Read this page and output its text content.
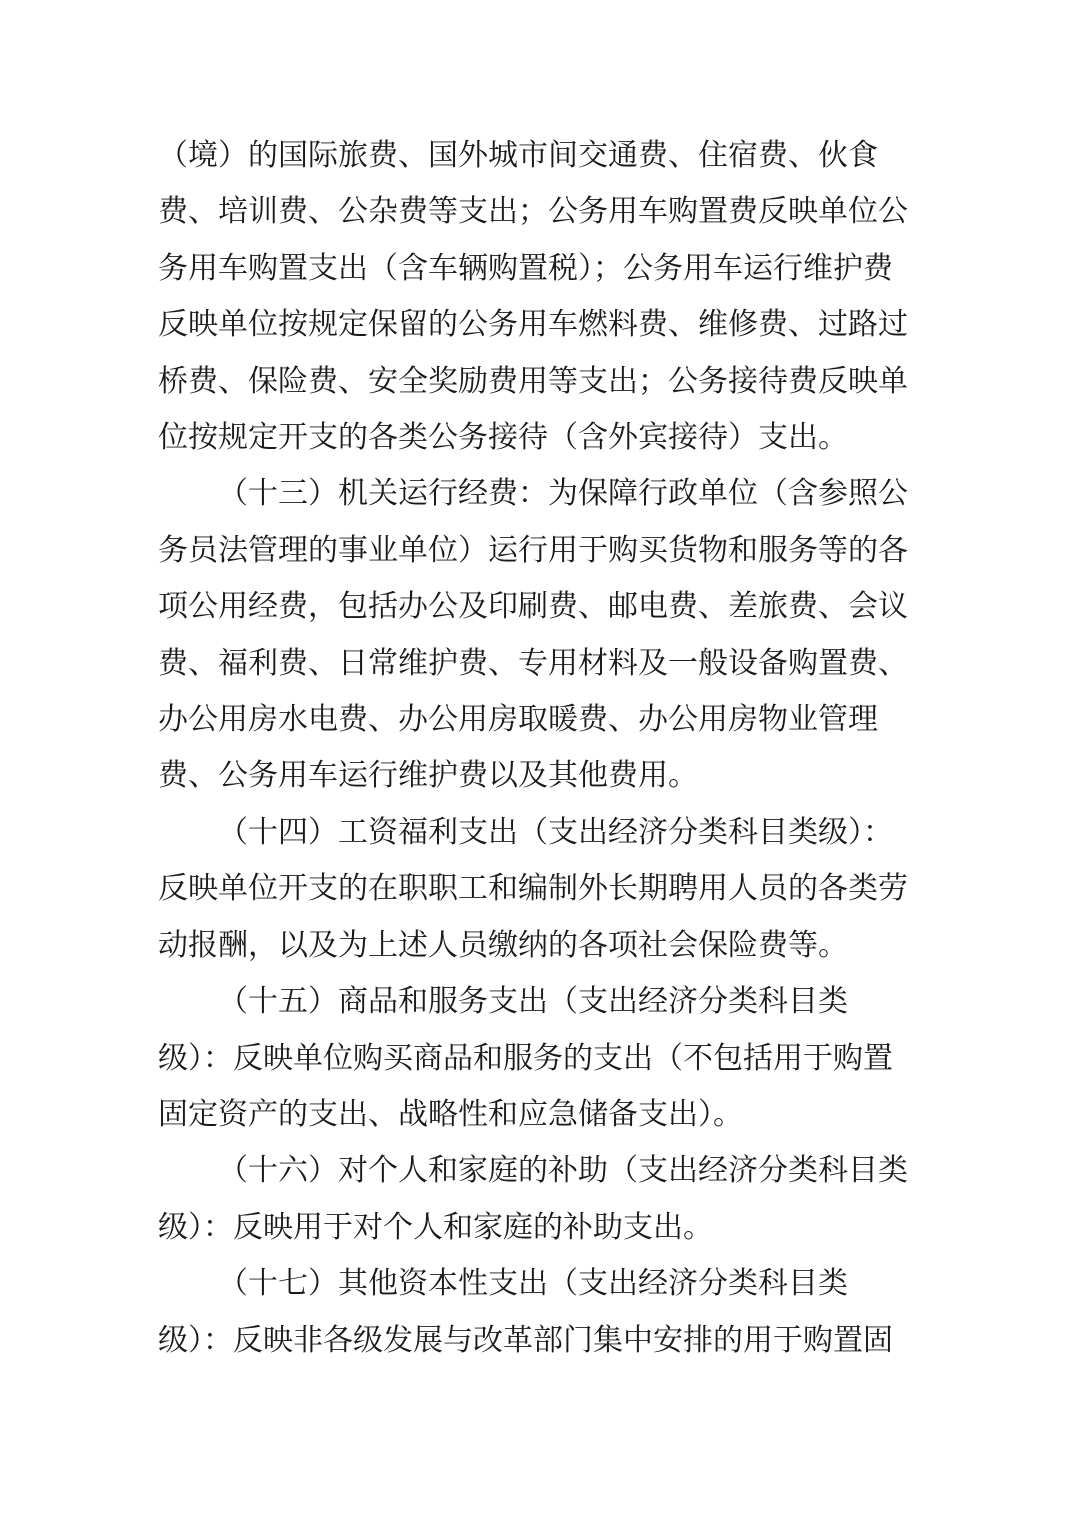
（境）的国际旅费、国外城市间交通费、住宿费、伙食
费、培训费、公杂费等支出；公务用车购置费反映单位公
务用车购置支出（含车辆购置税）；公务用车运行维护费
反映单位按规定保留的公务用车燃料费、维修费、过路过
桥费、保险费、安全奖励费用等支出；公务接待费反映单
位按规定开支的各类公务接待（含外宾接待）支出。
（十三）机关运行经费：为保障行政单位（含参照公
务员法管理的事业单位）运行用于购买货物和服务等的各
项公用经费，包括办公及印刷费、邮电费、差旅费、会议
费、福利费、日常维护费、专用材料及一般设备购置费、
办公用房水电费、办公用房取暖费、办公用房物业管理
费、公务用车运行维护费以及其他费用。
（十四）工资福利支出（支出经济分类科目类级）：
反映单位开支的在职职工和编制外长期聘用人员的各类劳
动报酬，以及为上述人员缴纳的各项社会保险费等。
（十五）商品和服务支出（支出经济分类科目类
级）：反映单位购买商品和服务的支出（不包括用于购置
固定资产的支出、战略性和应急储备支出）。
（十六）对个人和家庭的补助（支出经济分类科目类
级）：反映用于对个人和家庭的补助支出。
（十七）其他资本性支出（支出经济分类科目类
级）：反映非各级发展与改革部门集中安排的用于购置固
